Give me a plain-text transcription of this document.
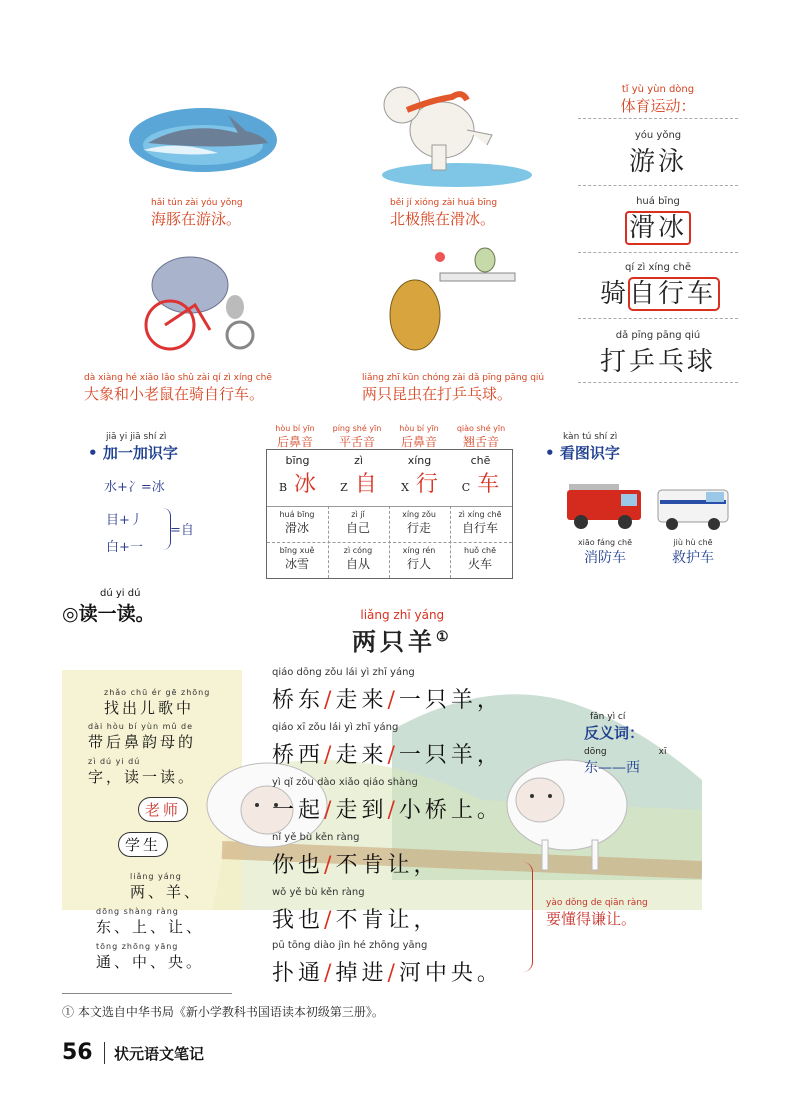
hǎi tún zài yóu yǒng
海豚在游泳。
běi jí xióng zài huá bīng
北极熊在滑冰。
dà xiàng hé xiǎo lǎo shǔ zài qí zì xíng chē
大象和小老鼠在骑自行车。
liǎng zhī kūn chóng zài dǎ pīng pāng qiú
两只昆虫在打乒乓球。
tǐ yù yùn dòng
体育运动：
yóu yǒng
游泳
huá bīng
滑冰
qí zì xíng chē
骑自行车
dǎ pīng pāng qiú
打乒乓球
jiā yi jiā shí zì
• 加一加识字
水+冫=冰
目+丿
白+一
=自
hòu bí yīn
后鼻音
píng shé yīn
平舌音
hòu bí yīn
后鼻音
qiào shé yīn
翘舌音
bīng
B 冰
zì
Z 自
xíng
X 行
chē
C 车
huá bīng
滑冰
zì jǐ
自己
xíng zǒu
行走
zì xíng chē
自行车
bīng xuě
冰雪
zì cóng
自从
xíng rén
行人
huǒ chē
火车
kàn tú shí zì
• 看图识字
xiāo fáng chē
消防车
jiù hù chē
救护车
dú yi dú
◎读一读。	liǎng zhī yáng
两只羊①
qiáo dōng zǒu lái yì zhī yáng
桥东/走来/一只羊，
qiáo xī zǒu lái yì zhī yáng
桥西/走来/一只羊，
yì qǐ zǒu dào xiǎo qiáo shàng
一起/走到/小桥上。
nǐ yě bù kěn ràng
你也/不肯让，
wǒ yě bù kěn ràng
我也/不肯让，
pū tōng diào jìn hé zhōng yāng
扑通/掉进/河中央。
zhǎo chū ér gē zhōng
找出儿歌中
dài hòu bí yùn mǔ de
带后鼻韵母的
zì dú yi dú
字，读一读。
老师
学生
liǎng yáng
两、羊、
dōng shàng ràng
东、上、让、
tōng zhōng yāng
通、中、央。
fǎn yì cí
反义词：
dōng	xī
东——西
yào dǒng de qiān ràng
要懂得谦让。
① 本文选自中华书局《新小学教科书国语读本初级第三册》。
56 状元语文笔记
